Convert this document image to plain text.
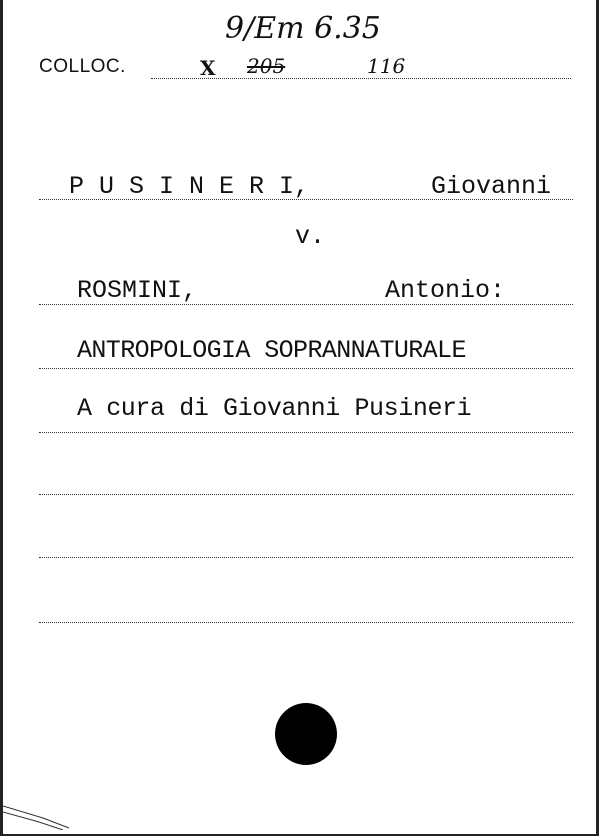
COLLOC.	X 205	116
9/Em 6.35
P U S I N E R I,	Giovanni
v.
ROSMINI,	Antonio:
ANTROPOLOGIA SOPRANNATURALE
A cura di Giovanni Pusineri
